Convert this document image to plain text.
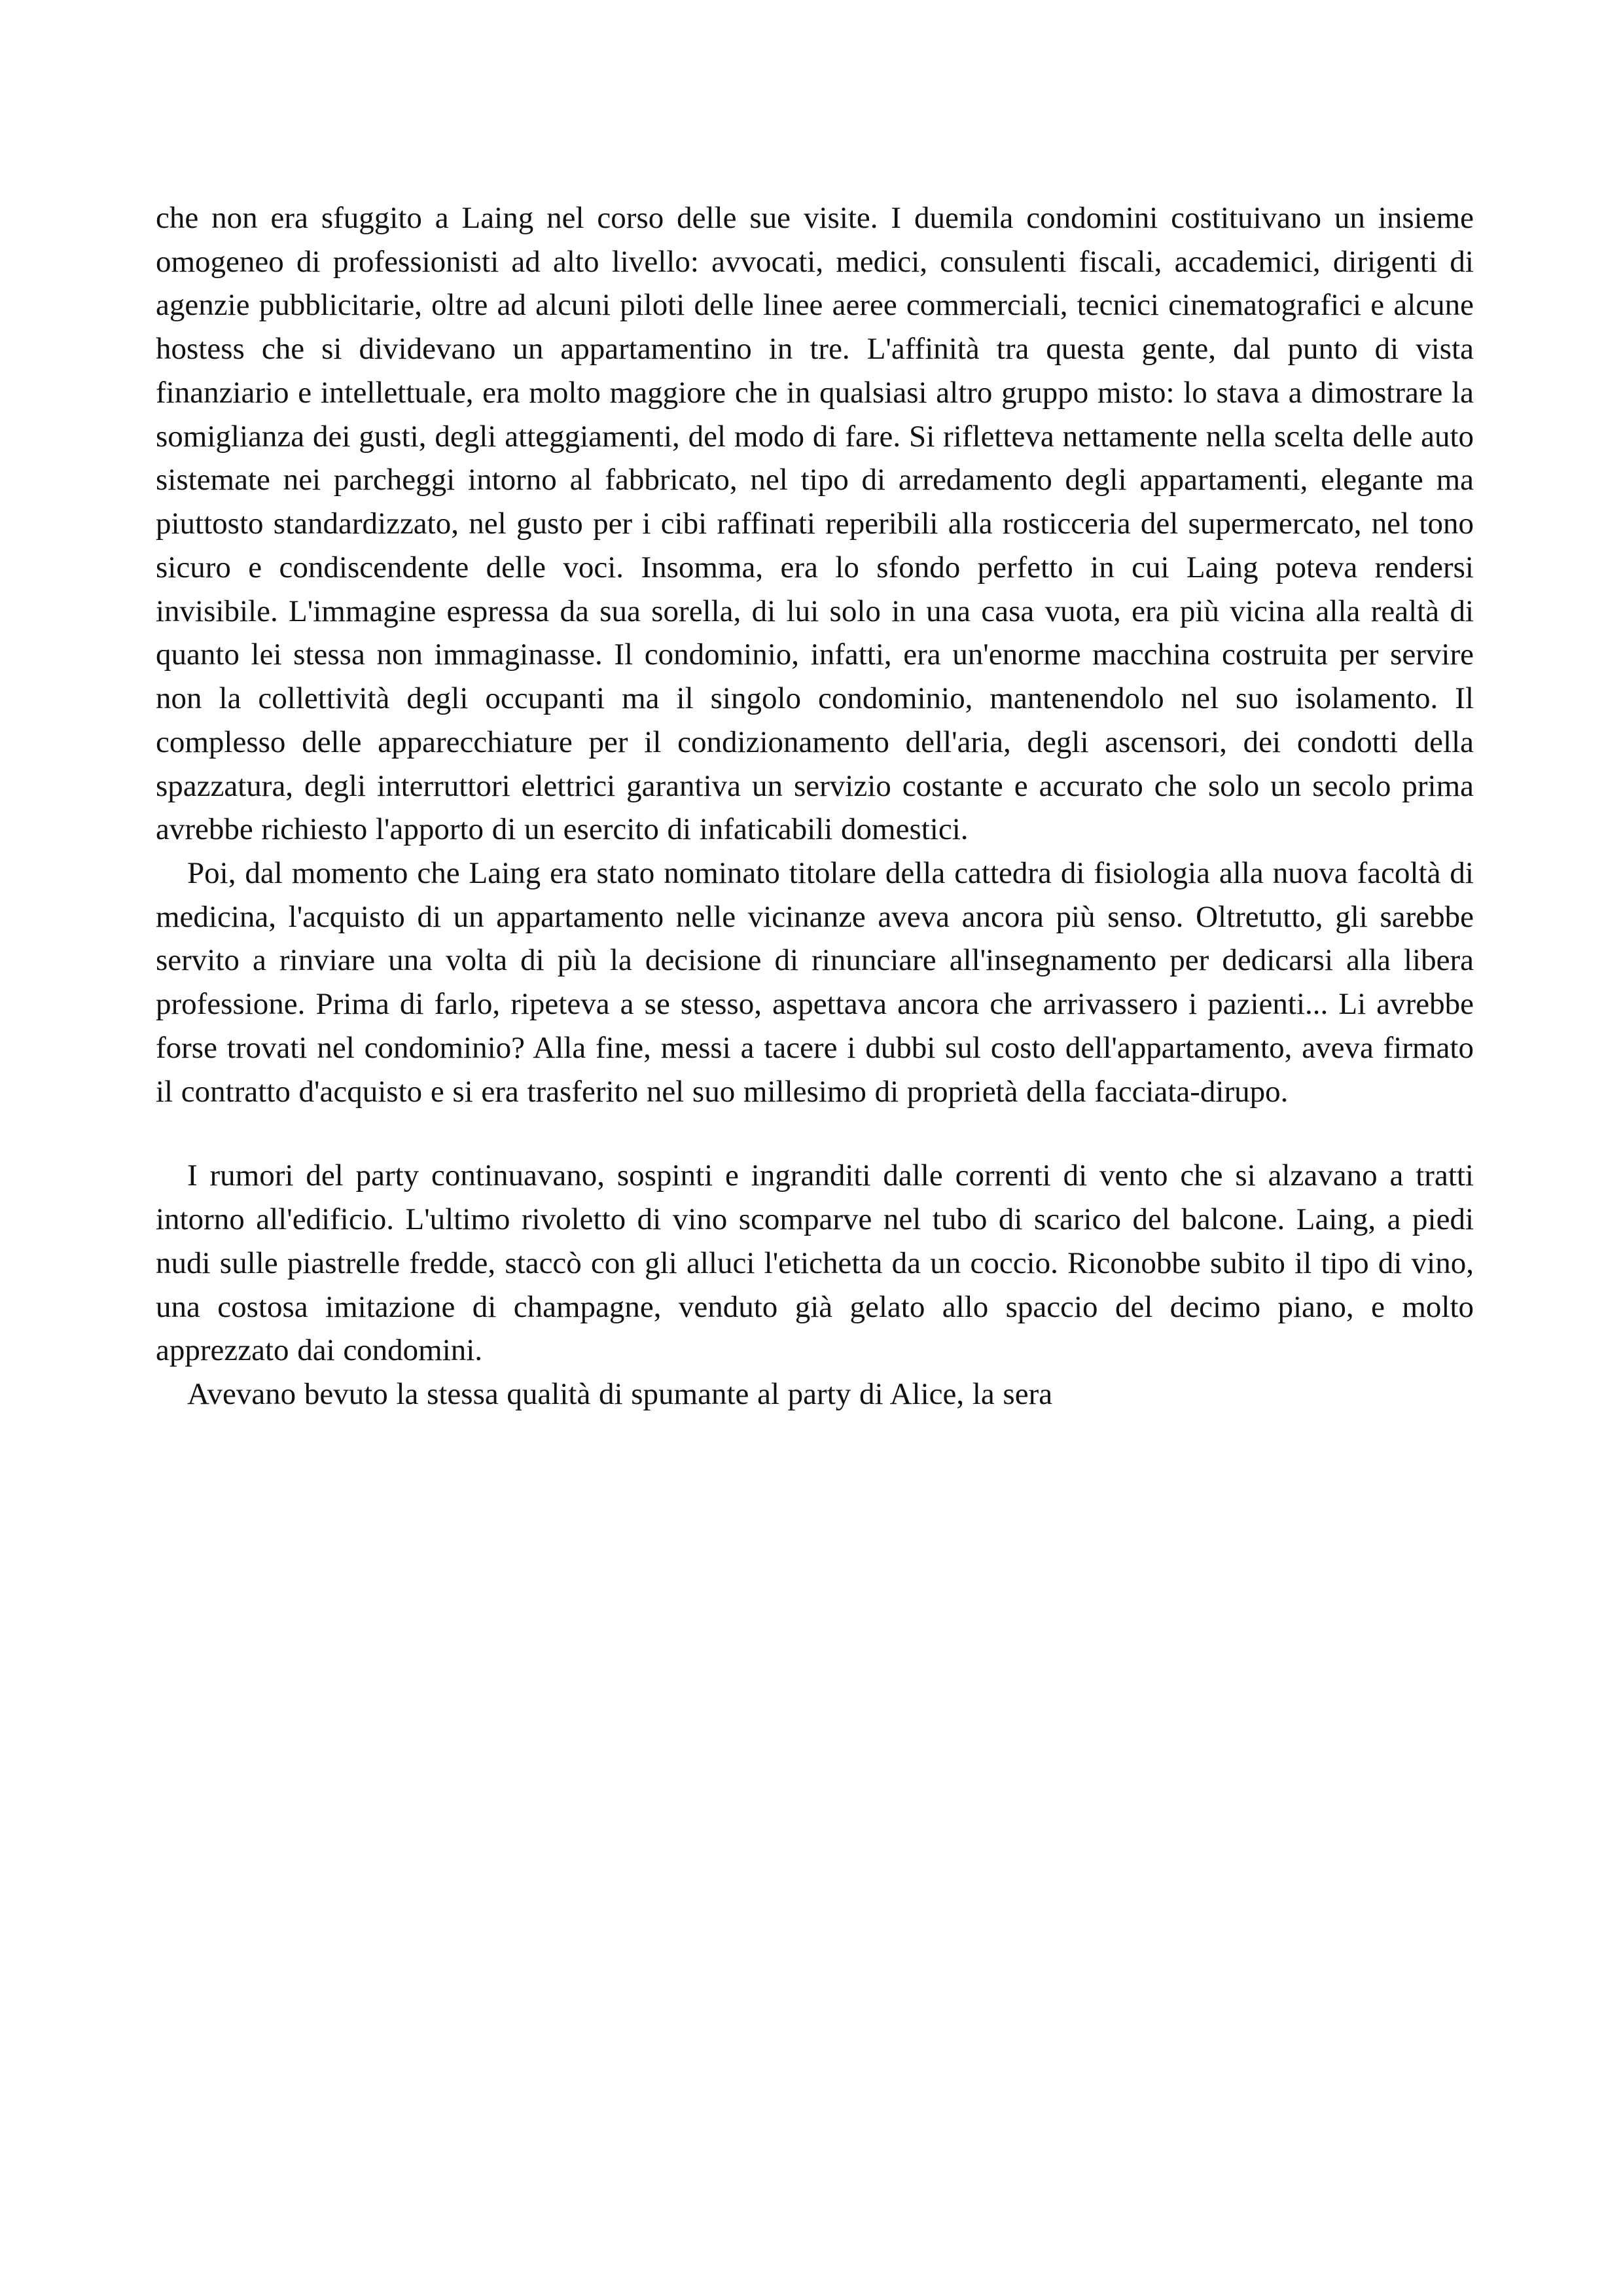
che non era sfuggito a Laing nel corso delle sue visite. I duemila condomini costituivano un insieme omogeneo di professionisti ad alto livello: avvocati, medici, consulenti fiscali, accademici, dirigenti di agenzie pubblicitarie, oltre ad alcuni piloti delle linee aeree commerciali, tecnici cinematografici e alcune hostess che si dividevano un appartamentino in tre. L'affinità tra questa gente, dal punto di vista finanziario e intellettuale, era molto maggiore che in qualsiasi altro gruppo misto: lo stava a dimostrare la somiglianza dei gusti, degli atteggiamenti, del modo di fare. Si rifletteva nettamente nella scelta delle auto sistemate nei parcheggi intorno al fabbricato, nel tipo di arredamento degli appartamenti, elegante ma piuttosto standardizzato, nel gusto per i cibi raffinati reperibili alla rosticceria del supermercato, nel tono sicuro e condiscendente delle voci. Insomma, era lo sfondo perfetto in cui Laing poteva rendersi invisibile. L'immagine espressa da sua sorella, di lui solo in una casa vuota, era più vicina alla realtà di quanto lei stessa non immaginasse. Il condominio, infatti, era un'enorme macchina costruita per servire non la collettività degli occupanti ma il singolo condominio, mantenendolo nel suo isolamento. Il complesso delle apparecchiature per il condizionamento dell'aria, degli ascensori, dei condotti della spazzatura, degli interruttori elettrici garantiva un servizio costante e accurato che solo un secolo prima avrebbe richiesto l'apporto di un esercito di infaticabili domestici.

Poi, dal momento che Laing era stato nominato titolare della cattedra di fisiologia alla nuova facoltà di medicina, l'acquisto di un appartamento nelle vicinanze aveva ancora più senso. Oltretutto, gli sarebbe servito a rinviare una volta di più la decisione di rinunciare all'insegnamento per dedicarsi alla libera professione. Prima di farlo, ripeteva a se stesso, aspettava ancora che arrivassero i pazienti... Li avrebbe forse trovati nel condominio? Alla fine, messi a tacere i dubbi sul costo dell'appartamento, aveva firmato il contratto d'acquisto e si era trasferito nel suo millesimo di proprietà della facciata-dirupo.

I rumori del party continuavano, sospinti e ingranditi dalle correnti di vento che si alzavano a tratti intorno all'edificio. L'ultimo rivoletto di vino scomparve nel tubo di scarico del balcone. Laing, a piedi nudi sulle piastrelle fredde, staccò con gli alluci l'etichetta da un coccio. Riconobbe subito il tipo di vino, una costosa imitazione di champagne, venduto già gelato allo spaccio del decimo piano, e molto apprezzato dai condomini.

Avevano bevuto la stessa qualità di spumante al party di Alice, la sera
